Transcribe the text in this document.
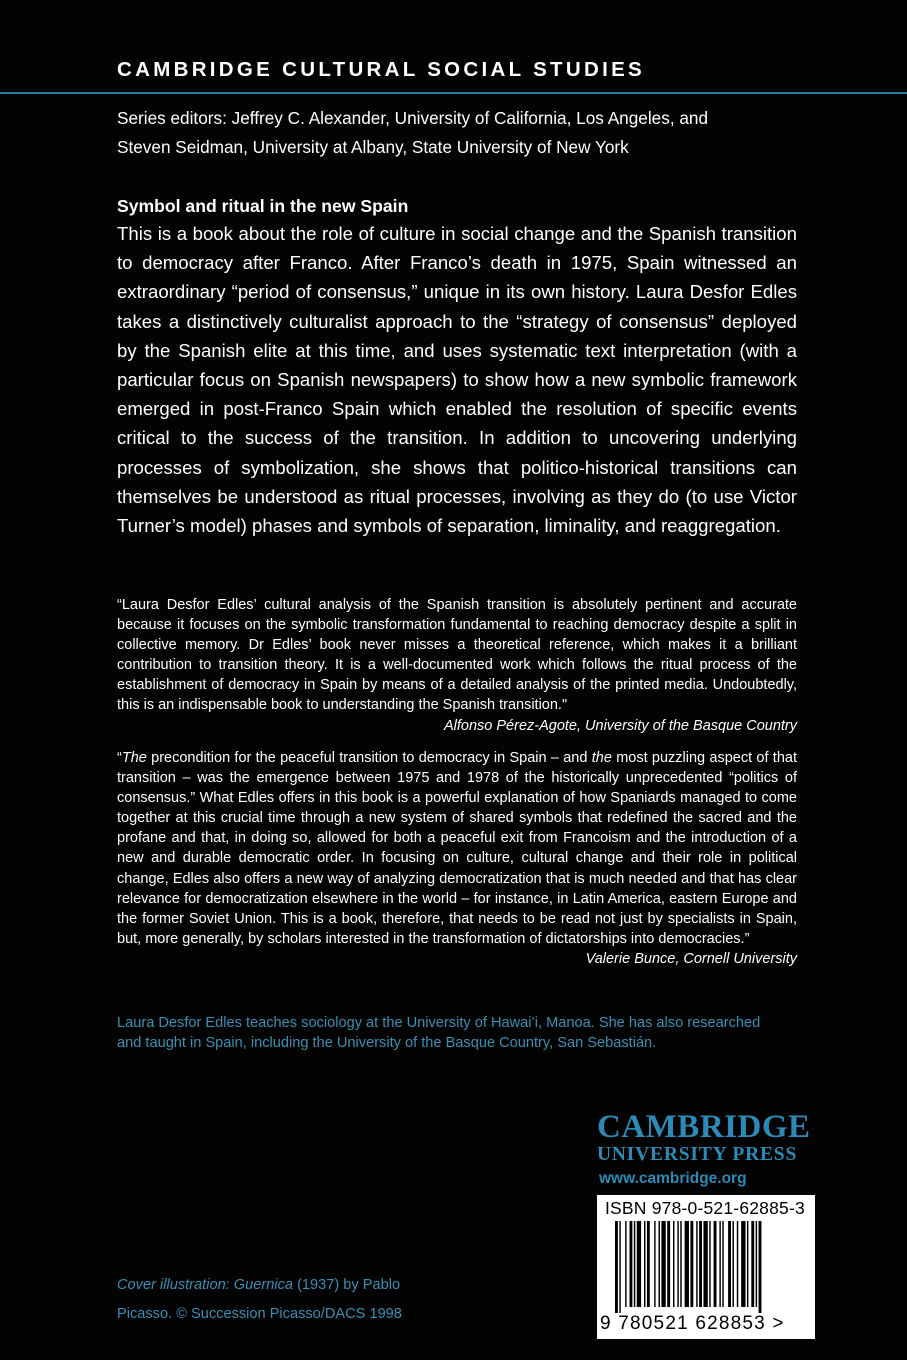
CAMBRIDGE CULTURAL SOCIAL STUDIES
Series editors: Jeffrey C. Alexander, University of California, Los Angeles, and
Steven Seidman, University at Albany, State University of New York
Symbol and ritual in the new Spain
This is a book about the role of culture in social change and the Spanish transition to democracy after Franco. After Franco’s death in 1975, Spain witnessed an extraordinary “period of consensus,” unique in its own history. Laura Desfor Edles takes a distinctively culturalist approach to the “strategy of consensus” deployed by the Spanish elite at this time, and uses systematic text interpretation (with a particular focus on Spanish newspapers) to show how a new symbolic framework emerged in post-Franco Spain which enabled the resolution of specific events critical to the success of the transition. In addition to uncovering underlying processes of symbolization, she shows that politico-historical transitions can themselves be understood as ritual processes, involving as they do (to use Victor Turner’s model) phases and symbols of separation, liminality, and reaggregation.

“Laura Desfor Edles’ cultural analysis of the Spanish transition is absolutely pertinent and accurate because it focuses on the symbolic transformation fundamental to reaching democracy despite a split in collective memory. Dr Edles’ book never misses a theoretical reference, which makes it a brilliant contribution to transition theory. It is a well-documented work which follows the ritual process of the establishment of democracy in Spain by means of a detailed analysis of the printed media. Undoubtedly, this is an indispensable book to understanding the Spanish transition."

Alfonso Pérez-Agote, University of the Basque Country

“The precondition for the peaceful transition to democracy in Spain – and the most puzzling aspect of that transition – was the emergence between 1975 and 1978 of the historically unprecedented “politics of consensus.” What Edles offers in this book is a powerful explanation of how Spaniards managed to come together at this crucial time through a new system of shared symbols that redefined the sacred and the profane and that, in doing so, allowed for both a peaceful exit from Francoism and the introduction of a new and durable democratic order. In focusing on culture, cultural change and their role in political change, Edles also offers a new way of analyzing democratization that is much needed and that has clear relevance for democratization elsewhere in the world – for instance, in Latin America, eastern Europe and the former Soviet Union. This is a book, therefore, that needs to be read not just by specialists in Spain, but, more generally, by scholars interested in the transformation of dictatorships into democracies.”

Valerie Bunce, Cornell University

Laura Desfor Edles teaches sociology at the University of Hawai’i, Manoa. She has also researched
and taught in Spain, including the University of the Basque Country, San Sebastián.
Cover illustration: Guernica (1937) by Pablo
Picasso. © Succession Picasso/DACS 1998
CAMBRIDGE
UNIVERSITY PRESS
www.cambridge.org
ISBN 978-0-521-62885-3
9 780521 628853 >
